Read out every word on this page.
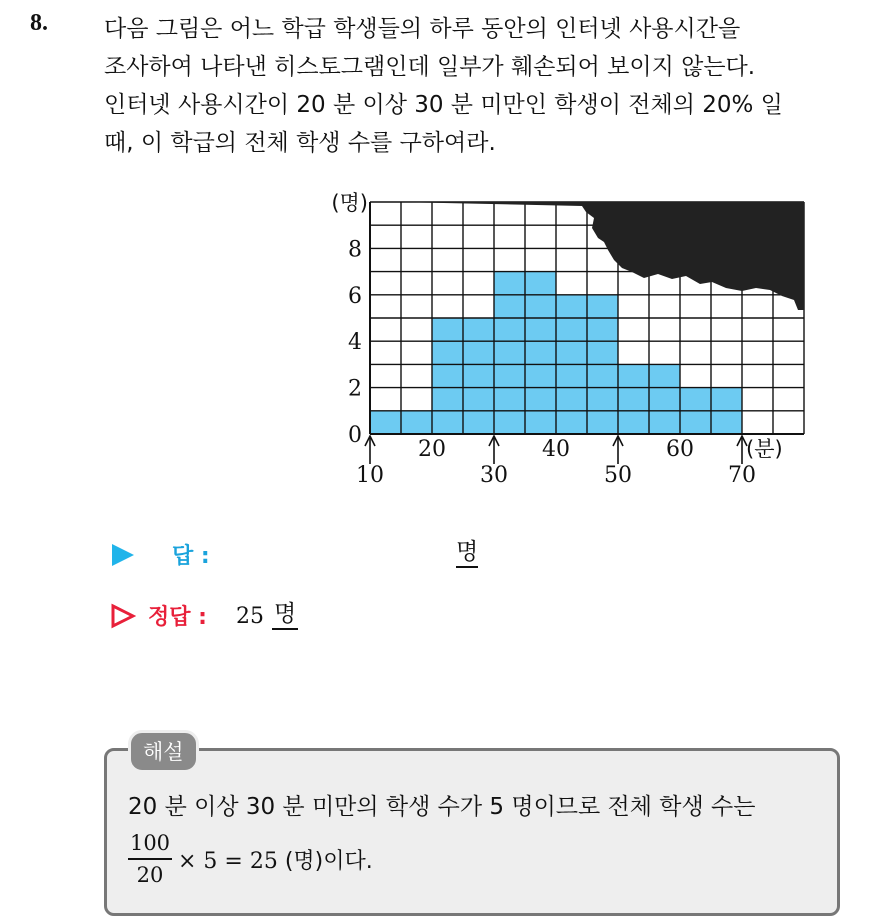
8. 다음 그림은 어느 학급 학생들의 하루 동안의 인터넷 사용시간을
조사하여 나타낸 히스토그램인데 일부가 훼손되어 보이지 않는다.
인터넷 사용시간이 20 분 이상 30 분 미만인 학생이 전체의 20% 일
때, 이 학급의 전체 학생 수를 구하여라.
0
2
4
6
8
(명)
20	40	60
10	30	50	70
(분)
답 :	명
정답 : 25 명
해설
20 분 이상 30 분 미만의 학생 수가 5 명이므로 전체 학생 수는
100
20
× 5 = 25 (명)이다.
